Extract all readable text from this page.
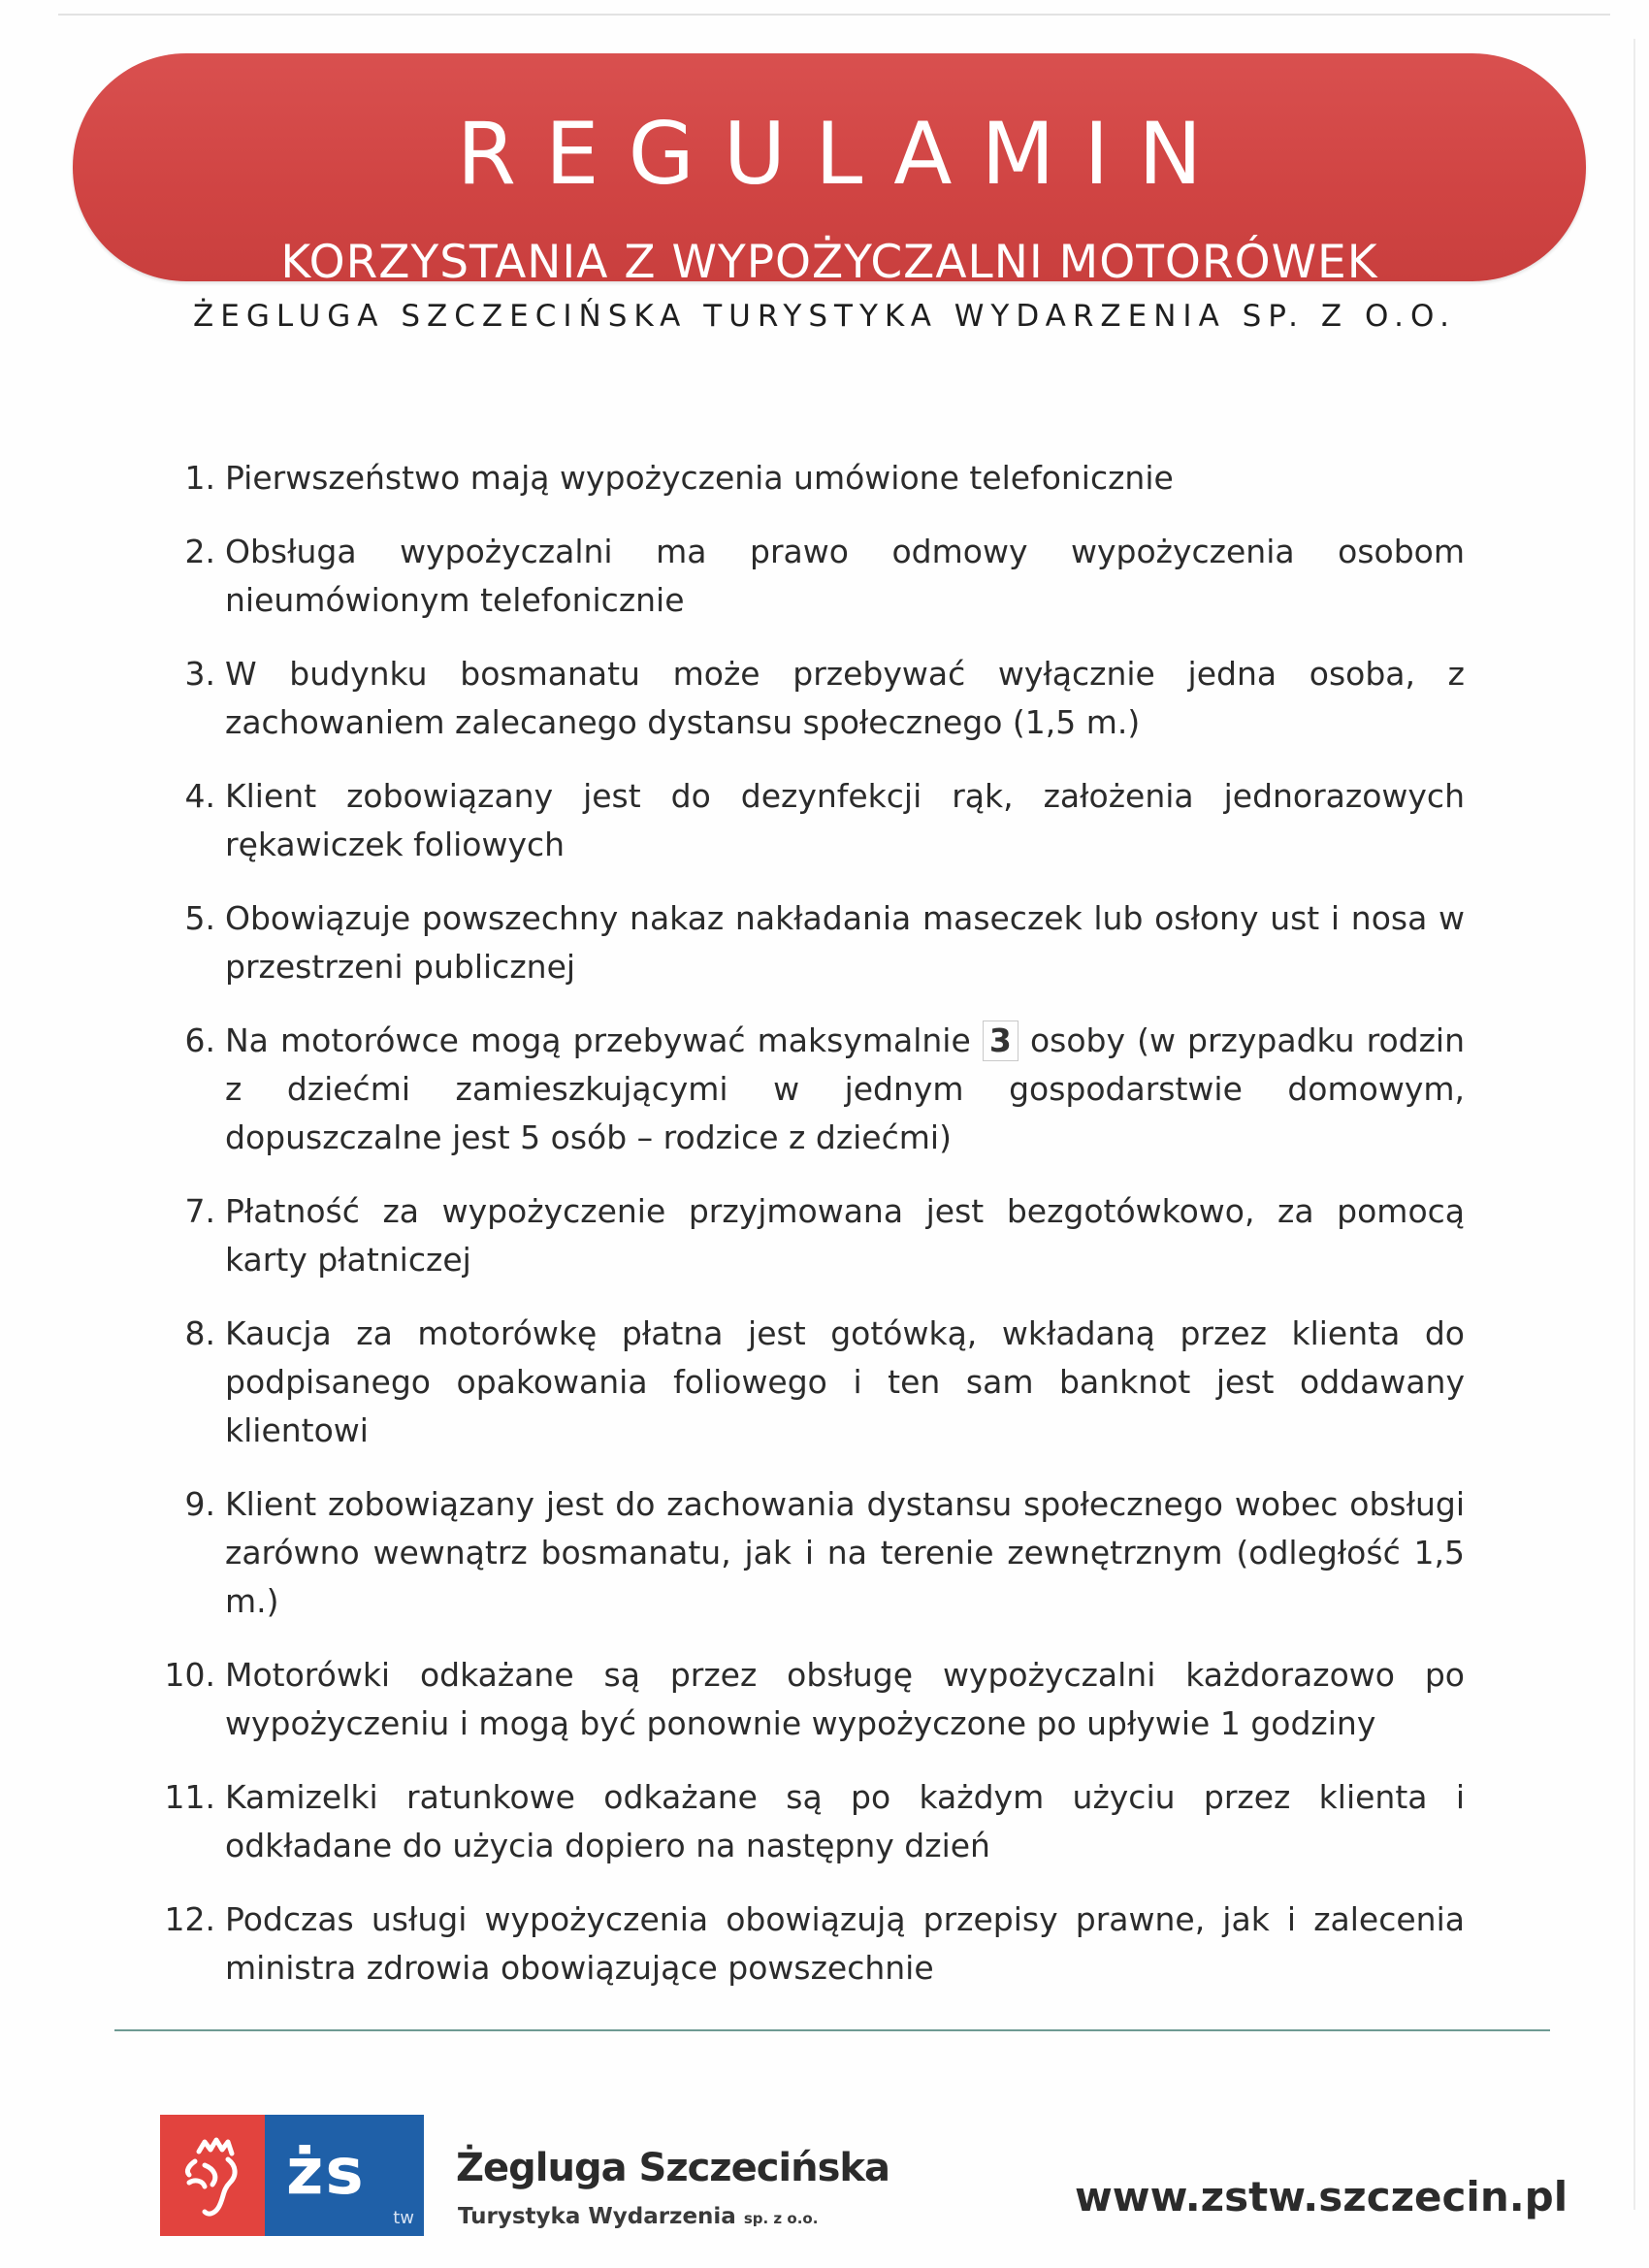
REGULAMIN
KORZYSTANIA Z WYPOŻYCZALNI MOTORÓWEK
ŻEGLUGA SZCZECIŃSKA TURYSTYKA WYDARZENIA SP. Z O.O.
1. Pierwszeństwo mają wypożyczenia umówione telefonicznie
2. Obsługa wypożyczalni ma prawo odmowy wypożyczenia osobom nieumówionym telefonicznie
3. W budynku bosmanatu może przebywać wyłącznie jedna osoba, z zachowaniem zalecanego dystansu społecznego (1,5 m.)
4. Klient zobowiązany jest do dezynfekcji rąk, założenia jednorazowych rękawiczek foliowych
5. Obowiązuje powszechny nakaz nakładania maseczek lub osłony ust i nosa w przestrzeni publicznej
6. Na motorówce mogą przebywać maksymalnie 3 osoby (w przypadku rodzin z dziećmi zamieszkującymi w jednym gospodarstwie domowym, dopuszczalne jest 5 osób – rodzice z dziećmi)
7. Płatność za wypożyczenie przyjmowana jest bezgotówkowo, za pomocą karty płatniczej
8. Kaucja za motorówkę płatna jest gotówką, wkładaną przez klienta do podpisanego opakowania foliowego i ten sam banknot jest oddawany klientowi
9. Klient zobowiązany jest do zachowania dystansu społecznego wobec obsługi zarówno wewnątrz bosmanatu, jak i na terenie zewnętrznym (odległość 1,5 m.)
10. Motorówki odkażane są przez obsługę wypożyczalni każdorazowo po wypożyczeniu i mogą być ponownie wypożyczone po upływie 1 godziny
11. Kamizelki ratunkowe odkażane są po każdym użyciu przez klienta i odkładane do użycia dopiero na następny dzień
12. Podczas usługi wypożyczenia obowiązują przepisy prawne, jak i zalecenia ministra zdrowia obowiązujące powszechnie
żs
tw
Żegluga Szczecińska
Turystyka Wydarzenia sp. z o.o.	www.zstw.szczecin.pl
